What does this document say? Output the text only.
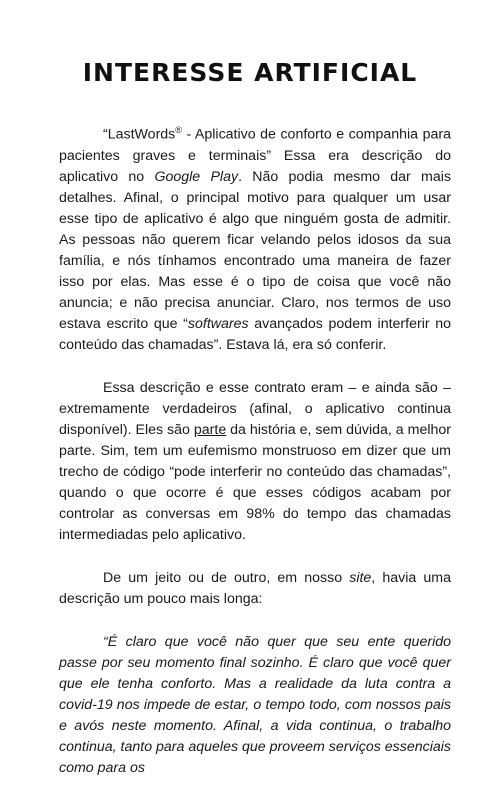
INTERESSE ARTIFICIAL

“LastWords® - Aplicativo de conforto e companhia para pacientes graves e terminais” Essa era descrição do aplicativo no Google Play. Não podia mesmo dar mais detalhes. Afinal, o principal motivo para qualquer um usar esse tipo de aplicativo é algo que ninguém gosta de admitir. As pessoas não querem ficar velando pelos idosos da sua família, e nós tínhamos encontrado uma maneira de fazer isso por elas. Mas esse é o tipo de coisa que você não anuncia; e não precisa anunciar. Claro, nos termos de uso estava escrito que “softwares avançados podem interferir no conteúdo das chamadas”. Estava lá, era só conferir.

Essa descrição e esse contrato eram – e ainda são – extremamente verdadeiros (afinal, o aplicativo continua disponível). Eles são parte da história e, sem dúvida, a melhor parte. Sim, tem um eufemismo monstruoso em dizer que um trecho de código “pode interferir no conteúdo das chamadas”, quando o que ocorre é que esses códigos acabam por controlar as conversas em 98% do tempo das chamadas intermediadas pelo aplicativo.

De um jeito ou de outro, em nosso site, havia uma descrição um pouco mais longa:

“É claro que você não quer que seu ente querido passe por seu momento final sozinho. É claro que você quer que ele tenha conforto. Mas a realidade da luta contra a covid-19 nos impede de estar, o tempo todo, com nossos pais e avós neste momento. Afinal, a vida continua, o trabalho continua, tanto para aqueles que proveem serviços essenciais como para os
